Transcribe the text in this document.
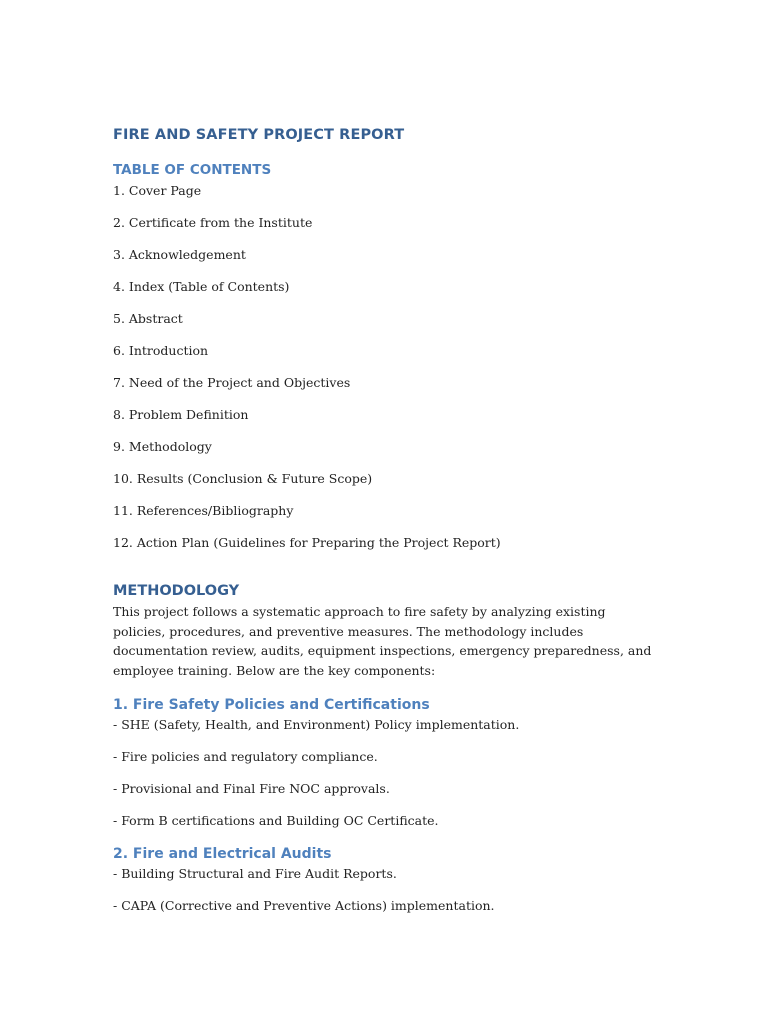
FIRE AND SAFETY PROJECT REPORT
TABLE OF CONTENTS
1. Cover Page
2. Certificate from the Institute
3. Acknowledgement
4. Index (Table of Contents)
5. Abstract
6. Introduction
7. Need of the Project and Objectives
8. Problem Definition
9. Methodology
10. Results (Conclusion & Future Scope)
11. References/Bibliography
12. Action Plan (Guidelines for Preparing the Project Report)
METHODOLOGY

This project follows a systematic approach to fire safety by analyzing existing policies, procedures, and preventive measures. The methodology includes documentation review, audits, equipment inspections, emergency preparedness, and employee training. Below are the key components:

1. Fire Safety Policies and Certifications
- SHE (Safety, Health, and Environment) Policy implementation.
- Fire policies and regulatory compliance.
- Provisional and Final Fire NOC approvals.
- Form B certifications and Building OC Certificate.
2. Fire and Electrical Audits
- Building Structural and Fire Audit Reports.
- CAPA (Corrective and Preventive Actions) implementation.
